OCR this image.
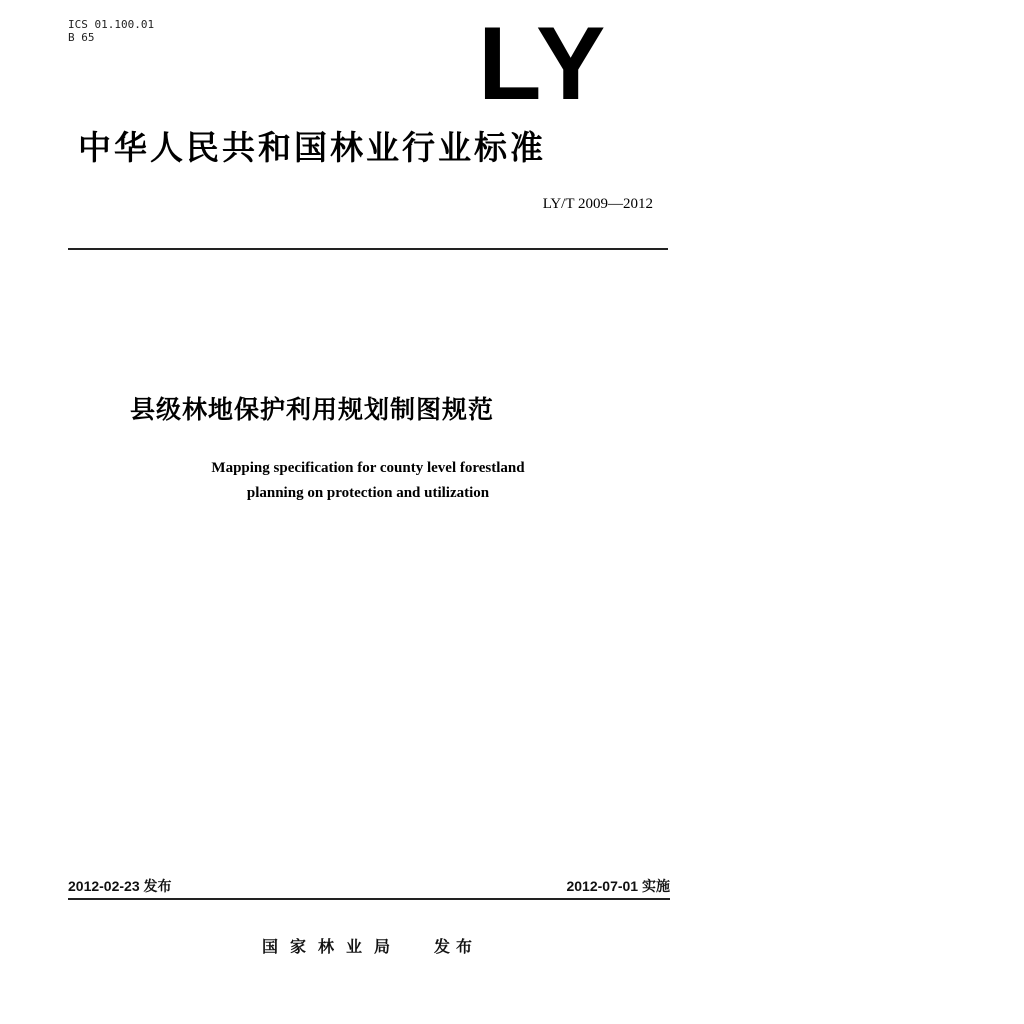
ICS 01.100.01
B 65	LY
中华人民共和国林业行业标准
LY/T 2009—2012
县级林地保护利用规划制图规范
Mapping specification for county level forestland
planning on protection and utilization
2012-02-23 发布	2012-07-01 实施
国家林业局 发布
